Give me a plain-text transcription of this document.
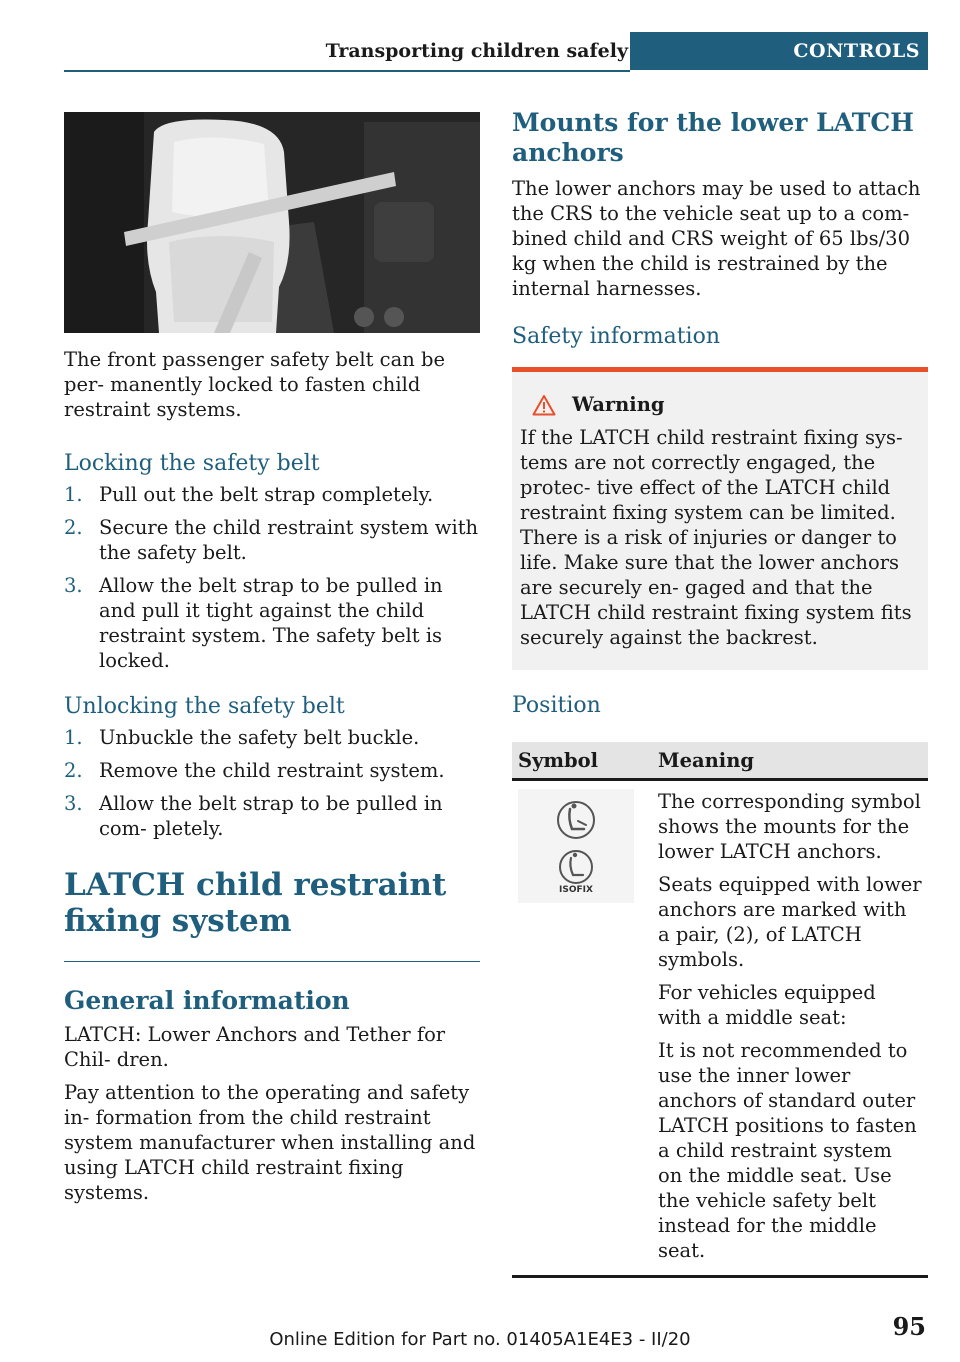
Transporting children safely	CONTROLS

The front passenger safety belt can be per- manently locked to fasten child restraint systems.

Locking the safety belt
1. Pull out the belt strap completely.
2. Secure the child restraint system with the safety belt.
3. Allow the belt strap to be pulled in and pull it tight against the child restraint system. The safety belt is locked.
Unlocking the safety belt
1. Unbuckle the safety belt buckle.
2. Remove the child restraint system.
3. Allow the belt strap to be pulled in com- pletely.
LATCH child restraint fixing system
General information

LATCH: Lower Anchors and Tether for Chil- dren.

Pay attention to the operating and safety in- formation from the child restraint system manufacturer when installing and using LATCH child restraint fixing systems.

Mounts for the lower LATCH anchors

The lower anchors may be used to attach the CRS to the vehicle seat up to a com- bined child and CRS weight of 65 lbs/30 kg when the child is restrained by the internal harnesses.

Safety information
Warning

If the LATCH child restraint fixing sys- tems are not correctly engaged, the protec- tive effect of the LATCH child restraint fixing system can be limited. There is a risk of injuries or danger to life. Make sure that the lower anchors are securely en- gaged and that the LATCH child restraint fixing system fits securely against the backrest.

Position
Symbol	Meaning

ISOFIX	The corresponding symbol shows the mounts for the lower LATCH anchors.

Seats equipped with lower anchors are marked with a pair, (2), of LATCH symbols.

For vehicles equipped with a middle seat:

It is not recommended to use the inner lower anchors of standard outer LATCH positions to fasten a child restraint system on the middle seat. Use the vehicle safety belt instead for the middle seat.

95
Online Edition for Part no. 01405A1E4E3 - II/20
